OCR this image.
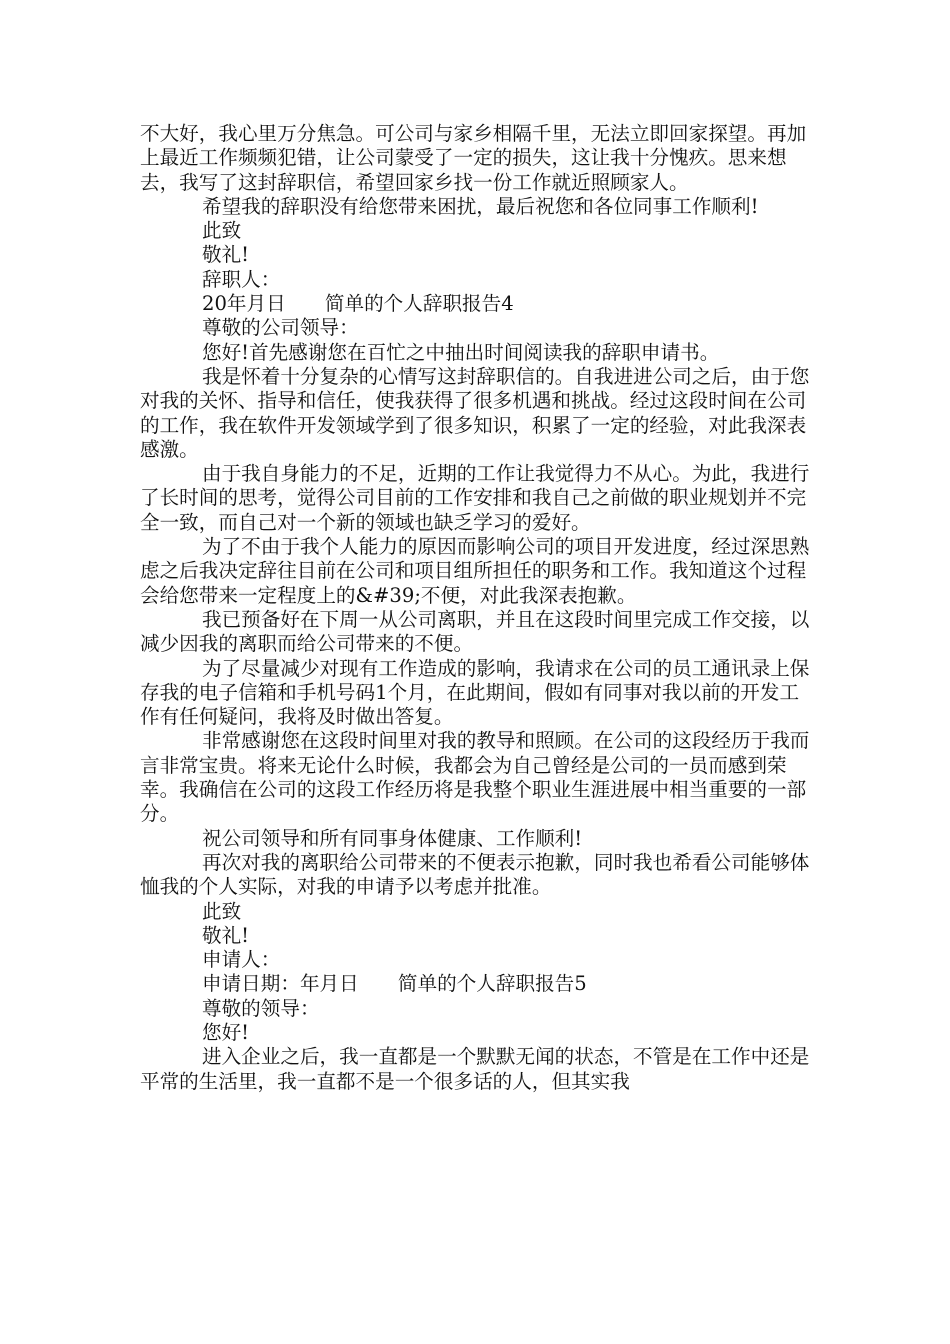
不大好，我心里万分焦急。可公司与家乡相隔千里，无法立即回家探望。再加上最近工作频频犯错，让公司蒙受了一定的损失，这让我十分愧疚。思来想去，我写了这封辞职信，希望回家乡找一份工作就近照顾家人。

希望我的辞职没有给您带来困扰，最后祝您和各位同事工作顺利!

此致

敬礼!

辞职人：

20年月日　　简单的个人辞职报告4

尊敬的公司领导：

您好!首先感谢您在百忙之中抽出时间阅读我的辞职申请书。

我是怀着十分复杂的心情写这封辞职信的。自我进进公司之后，由于您对我的关怀、指导和信任，使我获得了很多机遇和挑战。经过这段时间在公司的工作，我在软件开发领域学到了很多知识，积累了一定的经验，对此我深表感激。

由于我自身能力的不足，近期的工作让我觉得力不从心。为此，我进行了长时间的思考，觉得公司目前的工作安排和我自己之前做的职业规划并不完全一致，而自己对一个新的领域也缺乏学习的爱好。

为了不由于我个人能力的原因而影响公司的项目开发进度，经过深思熟虑之后我决定辞往目前在公司和项目组所担任的职务和工作。我知道这个过程会给您带来一定程度上的&#39;不便，对此我深表抱歉。

我已预备好在下周一从公司离职，并且在这段时间里完成工作交接，以减少因我的离职而给公司带来的不便。

为了尽量减少对现有工作造成的影响，我请求在公司的员工通讯录上保存我的电子信箱和手机号码1个月，在此期间，假如有同事对我以前的开发工作有任何疑问，我将及时做出答复。

非常感谢您在这段时间里对我的教导和照顾。在公司的这段经历于我而言非常宝贵。将来无论什么时候，我都会为自己曾经是公司的一员而感到荣幸。我确信在公司的这段工作经历将是我整个职业生涯进展中相当重要的一部分。

祝公司领导和所有同事身体健康、工作顺利!

再次对我的离职给公司带来的不便表示抱歉，同时我也希看公司能够体恤我的个人实际，对我的申请予以考虑并批准。

此致

敬礼!

申请人：

申请日期：年月日　　简单的个人辞职报告5

尊敬的领导：

您好!

进入企业之后，我一直都是一个默默无闻的状态，不管是在工作中还是平常的生活里，我一直都不是一个很多话的人，但其实我
